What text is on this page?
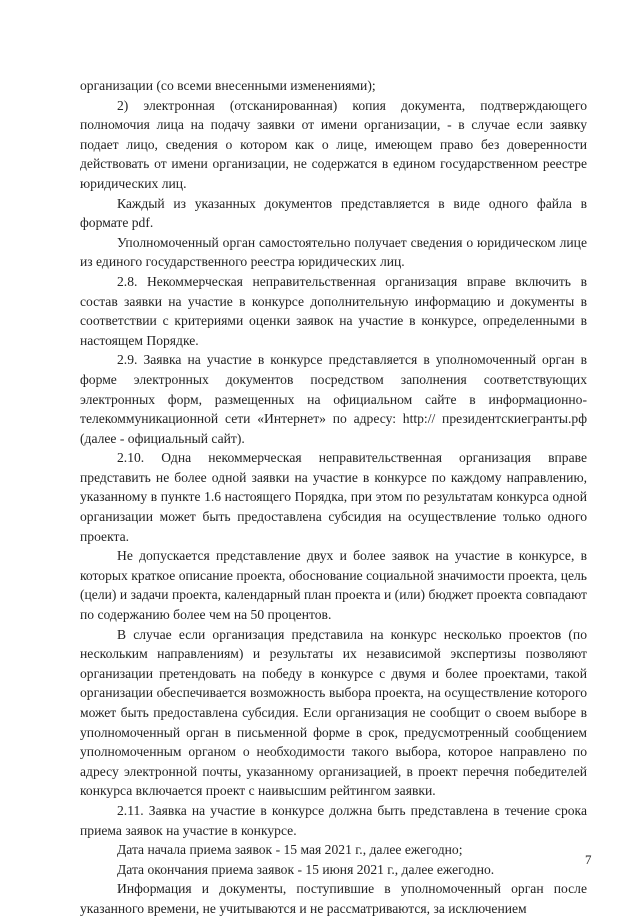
организации (со всеми внесенными изменениями);

2) электронная (отсканированная) копия документа, подтверждающего полномочия лица на подачу заявки от имени организации, - в случае если заявку подает лицо, сведения о котором как о лице, имеющем право без доверенности действовать от имени организации, не содержатся в едином государственном реестре юридических лиц.

Каждый из указанных документов представляется в виде одного файла в формате pdf.

Уполномоченный орган самостоятельно получает сведения о юридическом лице из единого государственного реестра юридических лиц.

2.8. Некоммерческая неправительственная организация вправе включить в состав заявки на участие в конкурсе дополнительную информацию и документы в соответствии с критериями оценки заявок на участие в конкурсе, определенными в настоящем Порядке.

2.9. Заявка на участие в конкурсе представляется в уполномоченный орган в форме электронных документов посредством заполнения соответствующих электронных форм, размещенных на официальном сайте в информационно-телекоммуникационной сети «Интернет» по адресу: http:// президентскиегранты.рф (далее - официальный сайт).

2.10. Одна некоммерческая неправительственная организация вправе представить не более одной заявки на участие в конкурсе по каждому направлению, указанному в пункте 1.6 настоящего Порядка, при этом по результатам конкурса одной организации может быть предоставлена субсидия на осуществление только одного проекта.

Не допускается представление двух и более заявок на участие в конкурсе, в которых краткое описание проекта, обоснование социальной значимости проекта, цель (цели) и задачи проекта, календарный план проекта и (или) бюджет проекта совпадают по содержанию более чем на 50 процентов.

В случае если организация представила на конкурс несколько проектов (по нескольким направлениям) и результаты их независимой экспертизы позволяют организации претендовать на победу в конкурсе с двумя и более проектами, такой организации обеспечивается возможность выбора проекта, на осуществление которого может быть предоставлена субсидия. Если организация не сообщит о своем выборе в уполномоченный орган в письменной форме в срок, предусмотренный сообщением уполномоченным органом о необходимости такого выбора, которое направлено по адресу электронной почты, указанному организацией, в проект перечня победителей конкурса включается проект с наивысшим рейтингом заявки.

2.11. Заявка на участие в конкурсе должна быть представлена в течение срока приема заявок на участие в конкурсе.

Дата начала приема заявок - 15 мая 2021 г., далее ежегодно;

Дата окончания приема заявок - 15 июня 2021 г., далее ежегодно.

Информация и документы, поступившие в уполномоченный орган после указанного времени, не учитываются и не рассматриваются, за исключением

7
